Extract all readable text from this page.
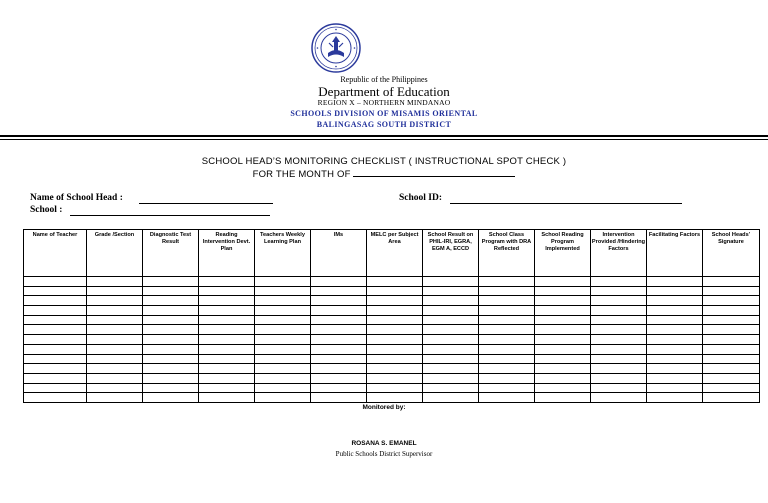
Republic of the Philippines
Department of Education
REGION X – NORTHERN MINDANAO
SCHOOLS DIVISION OF MISAMIS ORIENTAL
BALINGASAG SOUTH DISTRICT
SCHOOL HEAD’S MONITORING CHECKLIST ( INSTRUCTIONAL SPOT CHECK )
FOR THE MONTH OF
Name of School Head :	School ID:
School :
Name of Teacher	Grade /Section	Diagnostic Test Result	Reading Intervention Devt. Plan	Teachers Weekly Learning Plan	IMs	MELC per Subject Area	School Result on PHIL-IRI, EGRA, EGM A, ECCD	School Class Program with DRA Reflected	School Reading Program Implemented	Intervention Provided /Hindering Factors	Facilitating Factors	School Heads’ Signature

Monitored by:
ROSANA S. EMANEL
Public Schools District Supervisor
